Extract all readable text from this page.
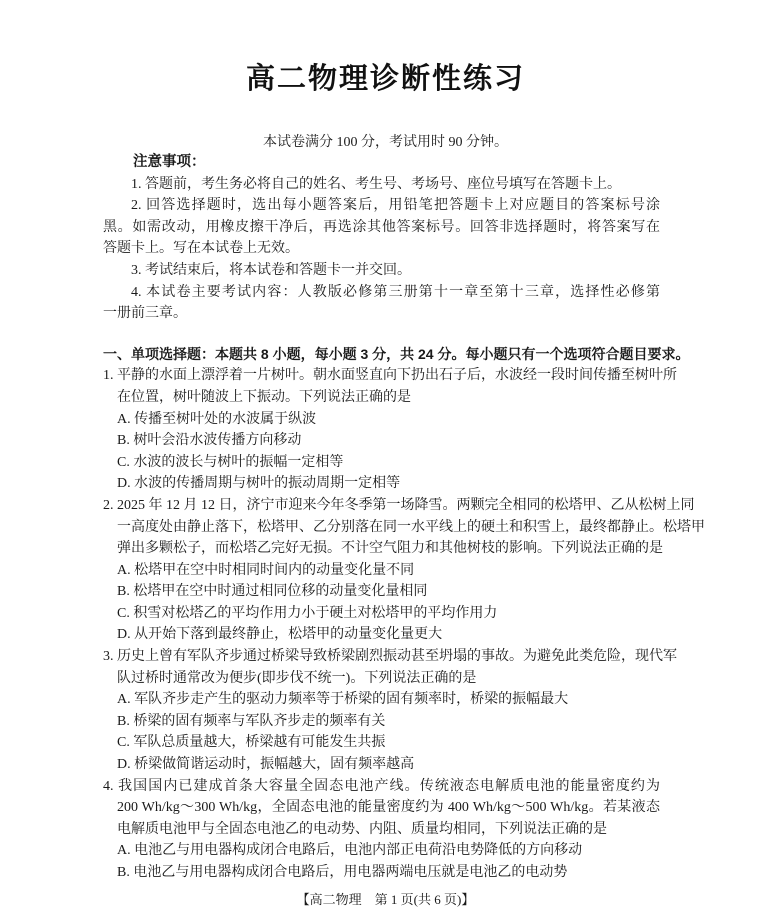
高二物理诊断性练习
本试卷满分 100 分，考试用时 90 分钟。
注意事项：
1. 答题前，考生务必将自己的姓名、考生号、考场号、座位号填写在答题卡上。
2. 回答选择题时，选出每小题答案后，用铅笔把答题卡上对应题目的答案标号涂
黑。如需改动，用橡皮擦干净后，再选涂其他答案标号。回答非选择题时，将答案写在
答题卡上。写在本试卷上无效。
3. 考试结束后，将本试卷和答题卡一并交回。
4. 本试卷主要考试内容：人教版必修第三册第十一章至第十三章，选择性必修第
一册前三章。
一、单项选择题：本题共 8 小题，每小题 3 分，共 24 分。每小题只有一个选项符合题目要求。
1. 平静的水面上漂浮着一片树叶。朝水面竖直向下扔出石子后，水波经一段时间传播至树叶所
在位置，树叶随波上下振动。下列说法正确的是
A. 传播至树叶处的水波属于纵波
B. 树叶会沿水波传播方向移动
C. 水波的波长与树叶的振幅一定相等
D. 水波的传播周期与树叶的振动周期一定相等
2. 2025 年 12 月 12 日，济宁市迎来今年冬季第一场降雪。两颗完全相同的松塔甲、乙从松树上同
一高度处由静止落下，松塔甲、乙分别落在同一水平线上的硬土和积雪上，最终都静止。松塔甲
弹出多颗松子，而松塔乙完好无损。不计空气阻力和其他树枝的影响。下列说法正确的是
A. 松塔甲在空中时相同时间内的动量变化量不同
B. 松塔甲在空中时通过相同位移的动量变化量相同
C. 积雪对松塔乙的平均作用力小于硬土对松塔甲的平均作用力
D. 从开始下落到最终静止，松塔甲的动量变化量更大
3. 历史上曾有军队齐步通过桥梁导致桥梁剧烈振动甚至坍塌的事故。为避免此类危险，现代军
队过桥时通常改为便步(即步伐不统一)。下列说法正确的是
A. 军队齐步走产生的驱动力频率等于桥梁的固有频率时，桥梁的振幅最大
B. 桥梁的固有频率与军队齐步走的频率有关
C. 军队总质量越大，桥梁越有可能发生共振
D. 桥梁做简谐运动时，振幅越大，固有频率越高
4. 我国国内已建成首条大容量全固态电池产线。传统液态电解质电池的能量密度约为
200 Wh/kg～300 Wh/kg，全固态电池的能量密度约为 400 Wh/kg～500 Wh/kg。若某液态
电解质电池甲与全固态电池乙的电动势、内阻、质量均相同，下列说法正确的是
A. 电池乙与用电器构成闭合电路后，电池内部正电荷沿电势降低的方向移动
B. 电池乙与用电器构成闭合电路后，用电器两端电压就是电池乙的电动势
【高二物理　第 1 页(共 6 页)】
